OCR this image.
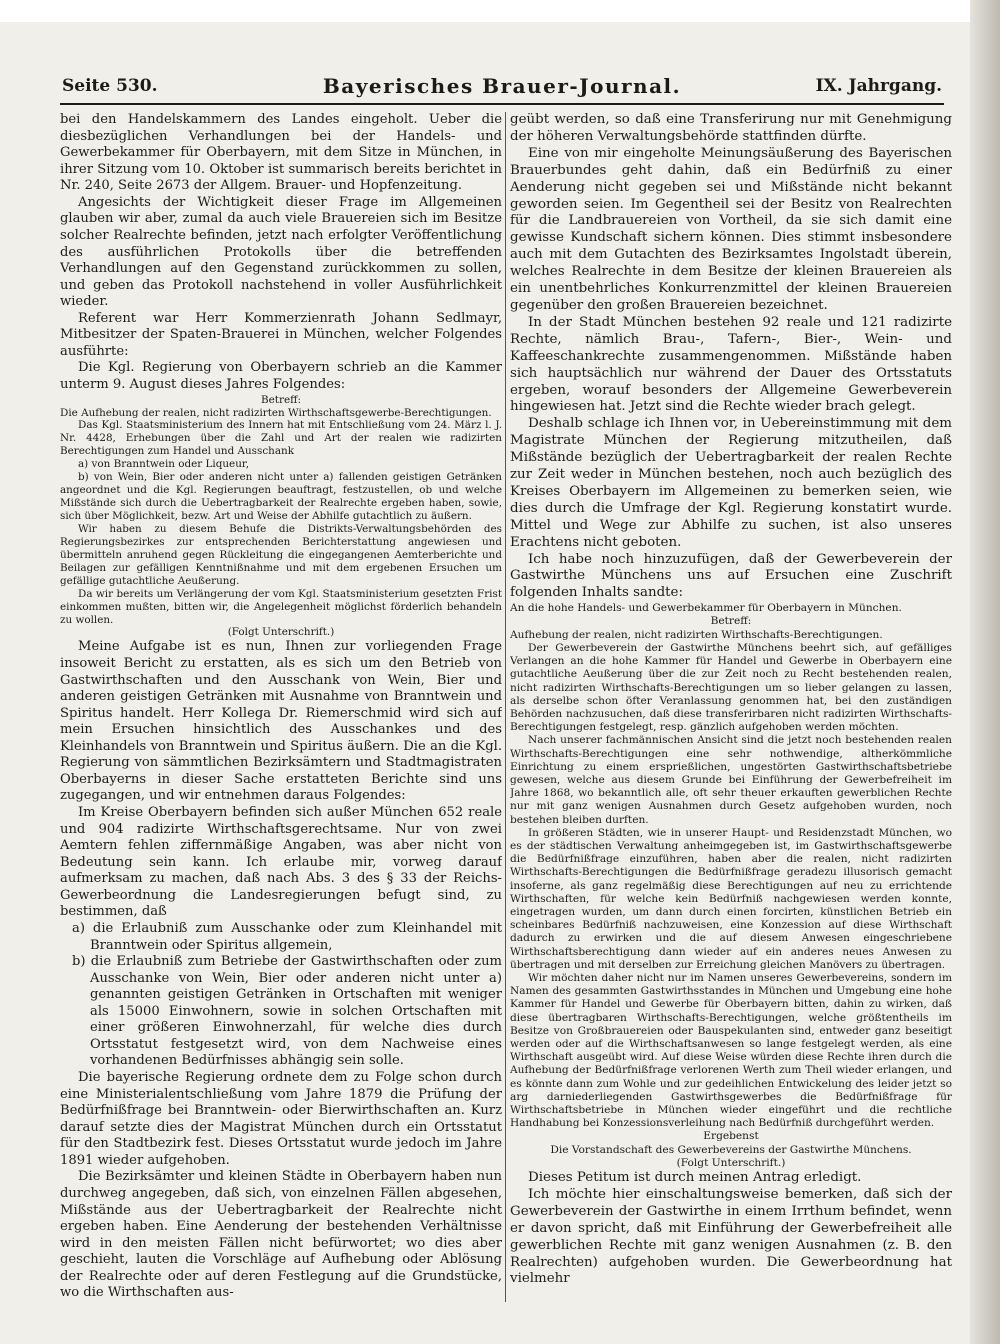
Seite 530.	Bayerisches Brauer-Journal.	IX. Jahrgang.

bei den Handelskammern des Landes eingeholt. Ueber die diesbezüglichen Verhandlungen bei der Handels- und Gewerbekammer für Oberbayern, mit dem Sitze in München, in ihrer Sitzung vom 10. Oktober ist summarisch bereits berichtet in Nr. 240, Seite 2673 der Allgem. Brauer- und Hopfenzeitung.

Angesichts der Wichtigkeit dieser Frage im Allgemeinen glauben wir aber, zumal da auch viele Brauereien sich im Besitze solcher Realrechte befinden, jetzt nach erfolgter Veröffentlichung des ausführlichen Protokolls über die betreffenden Verhandlungen auf den Gegenstand zurückkommen zu sollen, und geben das Protokoll nachstehend in voller Ausführlichkeit wieder.

Referent war Herr Kommerzienrath Johann Sedlmayr, Mitbesitzer der Spaten-Brauerei in München, welcher Folgendes ausführte:

Die Kgl. Regierung von Oberbayern schrieb an die Kammer unterm 9. August dieses Jahres Folgendes:

Betreff:

Die Aufhebung der realen, nicht radizirten Wirthschaftsgewerbe-Berechtigungen.

Das Kgl. Staatsministerium des Innern hat mit Entschließung vom 24. März l. J. Nr. 4428, Erhebungen über die Zahl und Art der realen wie radizirten Berechtigungen zum Handel und Ausschank

a) von Branntwein oder Liqueur,

b) von Wein, Bier oder anderen nicht unter a) fallenden geistigen Getränken angeordnet und die Kgl. Regierungen beauftragt, festzustellen, ob und welche Mißstände sich durch die Uebertragbarkeit der Realrechte ergeben haben, sowie, sich über Möglichkeit, bezw. Art und Weise der Abhilfe gutachtlich zu äußern.

Wir haben zu diesem Behufe die Distrikts-Verwaltungsbehörden des Regierungsbezirkes zur entsprechenden Berichterstattung angewiesen und übermitteln anruhend gegen Rückleitung die eingegangenen Aemterberichte und Beilagen zur gefälligen Kenntnißnahme und mit dem ergebenen Ersuchen um gefällige gutachtliche Aeußerung.

Da wir bereits um Verlängerung der vom Kgl. Staatsministerium gesetzten Frist einkommen mußten, bitten wir, die Angelegenheit möglichst förderlich behandeln zu wollen.

(Folgt Unterschrift.)

Meine Aufgabe ist es nun, Ihnen zur vorliegenden Frage insoweit Bericht zu erstatten, als es sich um den Betrieb von Gastwirthschaften und den Ausschank von Wein, Bier und anderen geistigen Getränken mit Ausnahme von Branntwein und Spiritus handelt. Herr Kollega Dr. Riemerschmid wird sich auf mein Ersuchen hinsichtlich des Ausschankes und des Kleinhandels von Branntwein und Spiritus äußern. Die an die Kgl. Regierung von sämmtlichen Bezirksämtern und Stadtmagistraten Oberbayerns in dieser Sache erstatteten Berichte sind uns zugegangen, und wir entnehmen daraus Folgendes:

Im Kreise Oberbayern befinden sich außer München 652 reale und 904 radizirte Wirthschaftsgerechtsame. Nur von zwei Aemtern fehlen ziffernmäßige Angaben, was aber nicht von Bedeutung sein kann. Ich erlaube mir, vorweg darauf aufmerksam zu machen, daß nach Abs. 3 des § 33 der Reichs-Gewerbeordnung die Landesregierungen befugt sind, zu bestimmen, daß

a) die Erlaubniß zum Ausschanke oder zum Kleinhandel mit Branntwein oder Spiritus allgemein,

b) die Erlaubniß zum Betriebe der Gastwirthschaften oder zum Ausschanke von Wein, Bier oder anderen nicht unter a) genannten geistigen Getränken in Ortschaften mit weniger als 15000 Einwohnern, sowie in solchen Ortschaften mit einer größeren Einwohnerzahl, für welche dies durch Ortsstatut festgesetzt wird, von dem Nachweise eines vorhandenen Bedürfnisses abhängig sein solle.

Die bayerische Regierung ordnete dem zu Folge schon durch eine Ministerialentschließung vom Jahre 1879 die Prüfung der Bedürfnißfrage bei Branntwein- oder Bierwirthschaften an. Kurz darauf setzte dies der Magistrat München durch ein Ortsstatut für den Stadtbezirk fest. Dieses Ortsstatut wurde jedoch im Jahre 1891 wieder aufgehoben.

Die Bezirksämter und kleinen Städte in Oberbayern haben nun durchweg angegeben, daß sich, von einzelnen Fällen abgesehen, Mißstände aus der Uebertragbarkeit der Realrechte nicht ergeben haben. Eine Aenderung der bestehenden Verhältnisse wird in den meisten Fällen nicht befürwortet; wo dies aber geschieht, lauten die Vorschläge auf Aufhebung oder Ablösung der Realrechte oder auf deren Festlegung auf die Grundstücke, wo die Wirthschaften aus-

geübt werden, so daß eine Transferirung nur mit Genehmigung der höheren Verwaltungsbehörde stattfinden dürfte.

Eine von mir eingeholte Meinungsäußerung des Bayerischen Brauerbundes geht dahin, daß ein Bedürfniß zu einer Aenderung nicht gegeben sei und Mißstände nicht bekannt geworden seien. Im Gegentheil sei der Besitz von Realrechten für die Landbrauereien von Vortheil, da sie sich damit eine gewisse Kundschaft sichern können. Dies stimmt insbesondere auch mit dem Gutachten des Bezirksamtes Ingolstadt überein, welches Realrechte in dem Besitze der kleinen Brauereien als ein unentbehrliches Konkurrenzmittel der kleinen Brauereien gegenüber den großen Brauereien bezeichnet.

In der Stadt München bestehen 92 reale und 121 radizirte Rechte, nämlich Brau-, Tafern-, Bier-, Wein- und Kaffeeschankrechte zusammengenommen. Mißstände haben sich hauptsächlich nur während der Dauer des Ortsstatuts ergeben, worauf besonders der Allgemeine Gewerbeverein hingewiesen hat. Jetzt sind die Rechte wieder brach gelegt.

Deshalb schlage ich Ihnen vor, in Uebereinstimmung mit dem Magistrate München der Regierung mitzutheilen, daß Mißstände bezüglich der Uebertragbarkeit der realen Rechte zur Zeit weder in München bestehen, noch auch bezüglich des Kreises Oberbayern im Allgemeinen zu bemerken seien, wie dies durch die Umfrage der Kgl. Regierung konstatirt wurde. Mittel und Wege zur Abhilfe zu suchen, ist also unseres Erachtens nicht geboten.

Ich habe noch hinzuzufügen, daß der Gewerbeverein der Gastwirthe Münchens uns auf Ersuchen eine Zuschrift folgenden Inhalts sandte:

An die hohe Handels- und Gewerbekammer für Oberbayern in München.

Betreff:

Aufhebung der realen, nicht radizirten Wirthschafts-Berechtigungen.

Der Gewerbeverein der Gastwirthe Münchens beehrt sich, auf gefälliges Verlangen an die hohe Kammer für Handel und Gewerbe in Oberbayern eine gutachtliche Aeußerung über die zur Zeit noch zu Recht bestehenden realen, nicht radizirten Wirthschafts-Berechtigungen um so lieber gelangen zu lassen, als derselbe schon öfter Veranlassung genommen hat, bei den zuständigen Behörden nachzusuchen, daß diese transferirbaren nicht radizirten Wirthschafts-Berechtigungen festgelegt, resp. gänzlich aufgehoben werden möchten.

Nach unserer fachmännischen Ansicht sind die jetzt noch bestehenden realen Wirthschafts-Berechtigungen eine sehr nothwendige, altherkömmliche Einrichtung zu einem ersprießlichen, ungestörten Gastwirthschaftsbetriebe gewesen, welche aus diesem Grunde bei Einführung der Gewerbefreiheit im Jahre 1868, wo bekanntlich alle, oft sehr theuer erkauften gewerblichen Rechte nur mit ganz wenigen Ausnahmen durch Gesetz aufgehoben wurden, noch bestehen bleiben durften.

In größeren Städten, wie in unserer Haupt- und Residenzstadt München, wo es der städtischen Verwaltung anheimgegeben ist, im Gastwirthschaftsgewerbe die Bedürfnißfrage einzuführen, haben aber die realen, nicht radizirten Wirthschafts-Berechtigungen die Bedürfnißfrage geradezu illusorisch gemacht insoferne, als ganz regelmäßig diese Berechtigungen auf neu zu errichtende Wirthschaften, für welche kein Bedürfniß nachgewiesen werden konnte, eingetragen wurden, um dann durch einen forcirten, künstlichen Betrieb ein scheinbares Bedürfniß nachzuweisen, eine Konzession auf diese Wirthschaft dadurch zu erwirken und die auf diesem Anwesen eingeschriebene Wirthschaftsberechtigung dann wieder auf ein anderes neues Anwesen zu übertragen und mit derselben zur Erreichung gleichen Manövers zu übertragen.

Wir möchten daher nicht nur im Namen unseres Gewerbevereins, sondern im Namen des gesammten Gastwirthsstandes in München und Umgebung eine hohe Kammer für Handel und Gewerbe für Oberbayern bitten, dahin zu wirken, daß diese übertragbaren Wirthschafts-Berechtigungen, welche größtentheils im Besitze von Großbrauereien oder Bauspekulanten sind, entweder ganz beseitigt werden oder auf die Wirthschaftsanwesen so lange festgelegt werden, als eine Wirthschaft ausgeübt wird. Auf diese Weise würden diese Rechte ihren durch die Aufhebung der Bedürfnißfrage verlorenen Werth zum Theil wieder erlangen, und es könnte dann zum Wohle und zur gedeihlichen Entwickelung des leider jetzt so arg darniederliegenden Gastwirthsgewerbes die Bedürfnißfrage für Wirthschaftsbetriebe in München wieder eingeführt und die rechtliche Handhabung bei Konzessionsverleihung nach Bedürfniß durchgeführt werden.

Ergebenst

Die Vorstandschaft des Gewerbevereins der Gastwirthe Münchens.

(Folgt Unterschrift.)

Dieses Petitum ist durch meinen Antrag erledigt.

Ich möchte hier einschaltungsweise bemerken, daß sich der Gewerbeverein der Gastwirthe in einem Irrthum befindet, wenn er davon spricht, daß mit Einführung der Gewerbefreiheit alle gewerblichen Rechte mit ganz wenigen Ausnahmen (z. B. den Realrechten) aufgehoben wurden. Die Gewerbeordnung hat vielmehr
